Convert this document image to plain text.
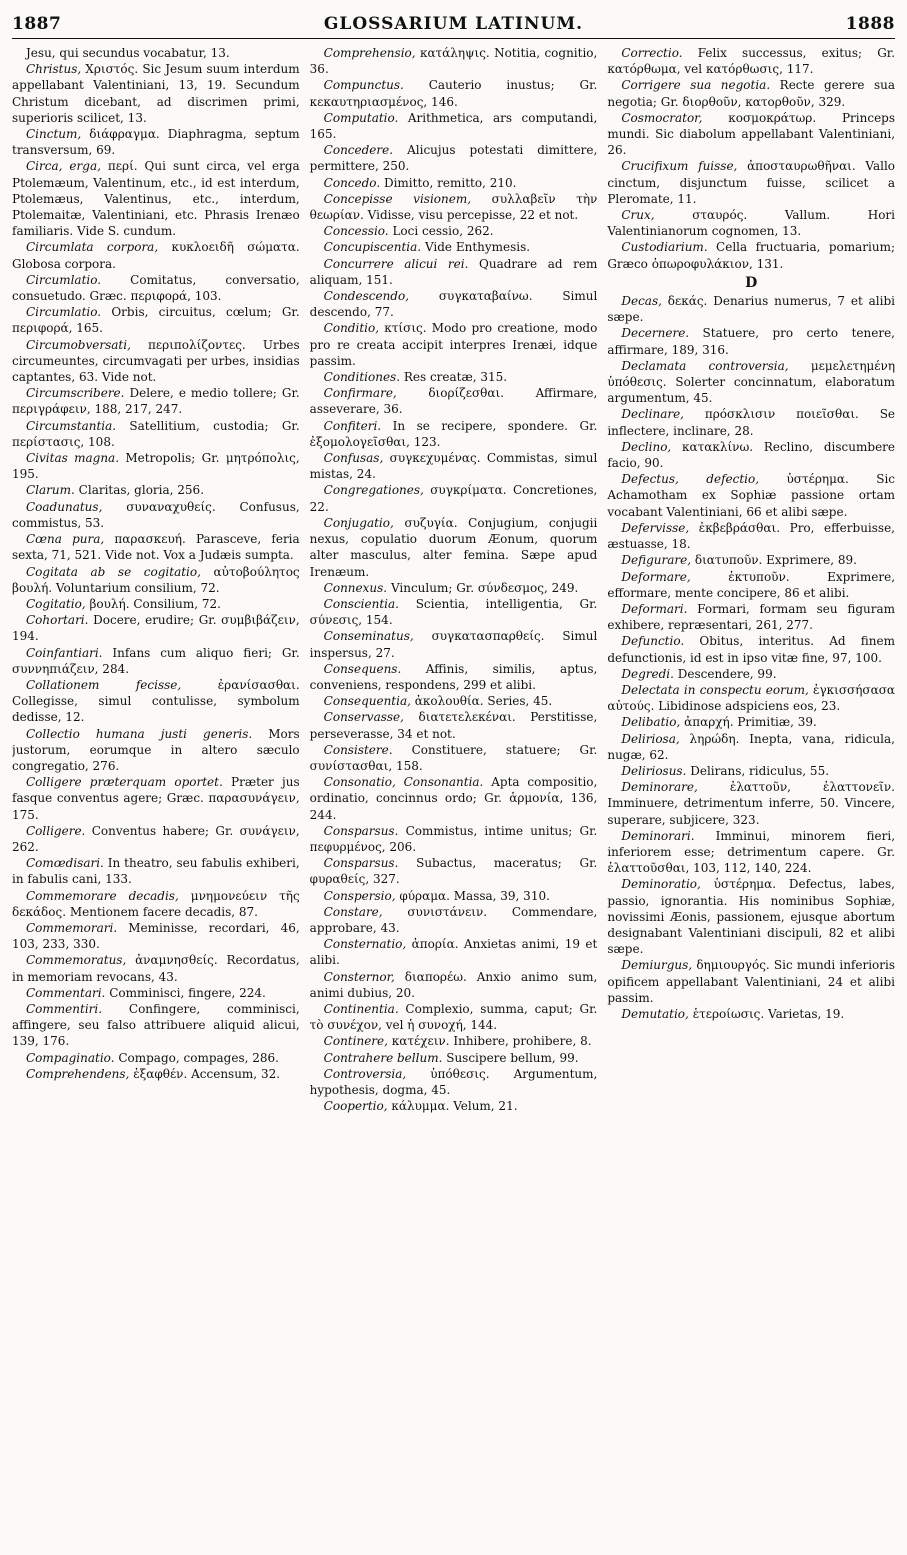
1887	GLOSSARIUM LATINUM.	1888

Jesu, qui secundus vocabatur, 13.

Christus, Χριστός. Sic Jesum suum interdum appellabant Valentiniani, 13, 19. Secundum Christum dicebant, ad discrimen primi, superioris scilicet, 13.

Cinctum, διάφραγμα. Diaphragma, septum transversum, 69.

Circa, erga, περί. Qui sunt circa, vel erga Ptolemæum, Valentinum, etc., id est interdum, Ptolemæus, Valentinus, etc., interdum, Ptolemaitæ, Valentiniani, etc. Phrasis Irenæo familiaris. Vide S. cundum.

Circumlata corpora, κυκλοειδῆ σώματα. Globosa corpora.

Circumlatio. Comitatus, conversatio, consuetudo. Græc. περιφορά, 103.

Circumlatio. Orbis, circuitus, cœlum; Gr. περιφορά, 165.

Circumobversati, περιπολίζοντες. Urbes circumeuntes, circumvagati per urbes, insidias captantes, 63. Vide not.

Circumscribere. Delere, e medio tollere; Gr. περιγράφειν, 188, 217, 247.

Circumstantia. Satellitium, custodia; Gr. περίστασις, 108.

Civitas magna. Metropolis; Gr. μητρόπολις, 195.

Clarum. Claritas, gloria, 256.

Coadunatus, συναναχυθείς. Confusus, commistus, 53.

Cœna pura, παρασκευή. Parasceve, feria sexta, 71, 521. Vide not. Vox a Judæis sumpta.

Cogitata ab se cogitatio, αὐτοβούλητος βουλή. Voluntarium consilium, 72.

Cogitatio, βουλή. Consilium, 72.

Cohortari. Docere, erudire; Gr. συμβιβάζειν, 194.

Coinfantiari. Infans cum aliquo fieri; Gr. συννηπιάζειν, 284.

Collationem fecisse,	ἐρανίσασθαι. Collegisse, simul contulisse, symbolum dedisse, 12.

Collectio humana justi generis. Mors justorum, eorumque in altero sæculo congregatio, 276.

Colligere præterquam oportet. Præter jus fasque conventus agere; Græc. παρασυνάγειν, 175.

Colligere. Conventus habere; Gr. συνάγειν, 262.

Comœdisari. In theatro, seu fabulis exhiberi, in fabulis cani, 133.

Commemorare decadis, μνημονεύειν τῆς δεκάδος. Mentionem facere decadis, 87.

Commemorari. Meminisse, recordari, 46, 103, 233, 330.

Commemoratus, ἀναμνησθείς. Recordatus, in memoriam revocans, 43.

Commentari. Comminisci, fingere, 224.

Commentiri. Confingere, comminisci, affingere, seu falso attribuere aliquid alicui, 139, 176.

Compaginatio. Compago, compages, 286.

Comprehendens, ἐξαφθέν. Accensum, 32.

Comprehensio, κατάληψις. Notitia, cognitio, 36.

Compunctus. Cauterio inustus; Gr. κεκαυτηριασμένος, 146.

Computatio. Arithmetica, ars computandi, 165.

Concedere. Alicujus potestati dimittere, permittere, 250.

Concedo. Dimitto, remitto, 210.

Concepisse visionem, συλλαβεῖν τὴν θεωρίαν. Vidisse, visu percepisse, 22 et not.

Concessio. Loci cessio, 262.

Concupiscentia. Vide Enthymesis.

Concurrere alicui rei. Quadrare ad rem aliquam, 151.

Condescendo, συγκαταβαίνω. Simul descendo, 77.

Conditio, κτίσις. Modo pro creatione, modo pro re creata accipit interpres Irenæi, idque passim.

Conditiones. Res creatæ, 315.

Confirmare,	διορίζεσθαι. Affirmare, asseverare, 36.

Confiteri. In se recipere, spondere. Gr. ἐξομολογεῖσθαι, 123.

Confusas, συγκεχυμένας. Commistas, simul mistas, 24.

Congregationes, συγκρίματα. Concretiones, 22.

Conjugatio, συζυγία. Conjugium, conjugii nexus, copulatio duorum Æonum, quorum alter masculus, alter femina. Sæpe apud Irenæum.

Connexus. Vinculum; Gr. σύνδεσμος, 249.

Conscientia. Scientia, intelligentia, Gr. σύνεσις, 154.

Conseminatus, συγκατασπαρθείς. Simul inspersus, 27.

Consequens. Affinis, similis, aptus, conveniens, respondens, 299 et alibi.

Consequentia, ἀκολουθία. Series, 45.

Conservasse, διατετελεκέναι. Perstitisse, perseverasse, 34 et not.

Consistere. Constituere, statuere; Gr. συνίστασθαι, 158.

Consonatio, Consonantia. Apta compositio, ordinatio, concinnus ordo; Gr. ἁρμονία, 136, 244.

Consparsus. Commistus, intime unitus; Gr. πεφυρμένος, 206.

Consparsus. Subactus, maceratus; Gr. φυραθείς, 327.

Conspersio, φύραμα. Massa, 39, 310.

Constare, συνιστάνειν. Commendare, approbare, 43.

Consternatio, ἀπορία. Anxietas animi, 19 et alibi.

Consternor, διαπορέω. Anxio animo sum, animi dubius, 20.

Continentia. Complexio, summa, caput; Gr. τὸ συνέχον, vel ἡ συνοχή, 144.

Continere, κατέχειν. Inhibere, prohibere, 8.

Contrahere bellum. Suscipere bellum, 99.

Controversia, ὑπόθεσις. Argumentum, hypothesis, dogma, 45.

Coopertio, κάλυμμα. Velum, 21.

Correctio. Felix successus, exitus; Gr. κατόρθωμα, vel κατόρθωσις, 117.

Corrigere sua negotia. Recte gerere sua negotia; Gr. διορθοῦν, κατορθοῦν, 329.

Cosmocrator, κοσμοκράτωρ. Princeps mundi. Sic diabolum appellabant Valentiniani, 26.

Crucifixum fuisse, ἀποσταυρωθῆναι. Vallo cinctum, disjunctum fuisse, scilicet a Pleromate, 11.

Crux,	σταυρός. Vallum. Hori Valentinianorum cognomen, 13.

Custodiarium. Cella fructuaria, pomarium; Græco ὀπωροφυλάκιον, 131.

D

Decas, δεκάς. Denarius numerus, 7 et alibi sæpe.

Decernere. Statuere, pro certo tenere, affirmare, 189, 316.

Declamata controversia, μεμελετημένη ὑπόθεσις. Solerter concinnatum, elaboratum argumentum, 45.

Declinare, πρόσκλισιν ποιεῖσθαι. Se inflectere, inclinare, 28.

Declino, κατακλίνω. Reclino, discumbere facio, 90.

Defectus, defectio, ὑστέρημα. Sic Achamotham ex Sophiæ passione ortam vocabant Valentiniani, 66 et alibi sæpe.

Defervisse, ἐκβεβράσθαι. Pro, efferbuisse, æstuasse, 18.

Defigurare, διατυποῦν. Exprimere, 89.

Deformare,	ἐκτυποῦν. Exprimere, efformare, mente concipere, 86 et alibi.

Deformari. Formari, formam seu figuram exhibere, repræsentari, 261, 277.

Defunctio. Obitus, interitus. Ad finem defunctionis, id est in ipso vitæ fine, 97, 100.

Degredi. Descendere, 99.

Delectata in conspectu eorum, ἐγκισσήσασα αὐτούς. Libidinose adspiciens eos, 23.

Delibatio, ἀπαρχή. Primitiæ, 39.

Deliriosa, ληρώδη. Inepta, vana, ridicula, nugæ, 62.

Deliriosus. Delirans, ridiculus, 55.

Deminorare,	ἐλαττοῦν, ἐλαττονεῖν. Imminuere, detrimentum inferre, 50. Vincere, superare, subjicere, 323.

Deminorari. Imminui, minorem fieri, inferiorem esse; detrimentum capere. Gr. ἐλαττοῦσθαι, 103, 112, 140, 224.

Deminoratio, ὑστέρημα. Defectus, labes, passio, ignorantia. His nominibus Sophiæ, novissimi Æonis, passionem, ejusque abortum designabant Valentiniani discipuli, 82 et alibi sæpe.

Demiurgus, δημιουργός. Sic mundi inferioris opificem appellabant Valentiniani, 24 et alibi passim.

Demutatio, ἑτεροίωσις. Varietas, 19.
